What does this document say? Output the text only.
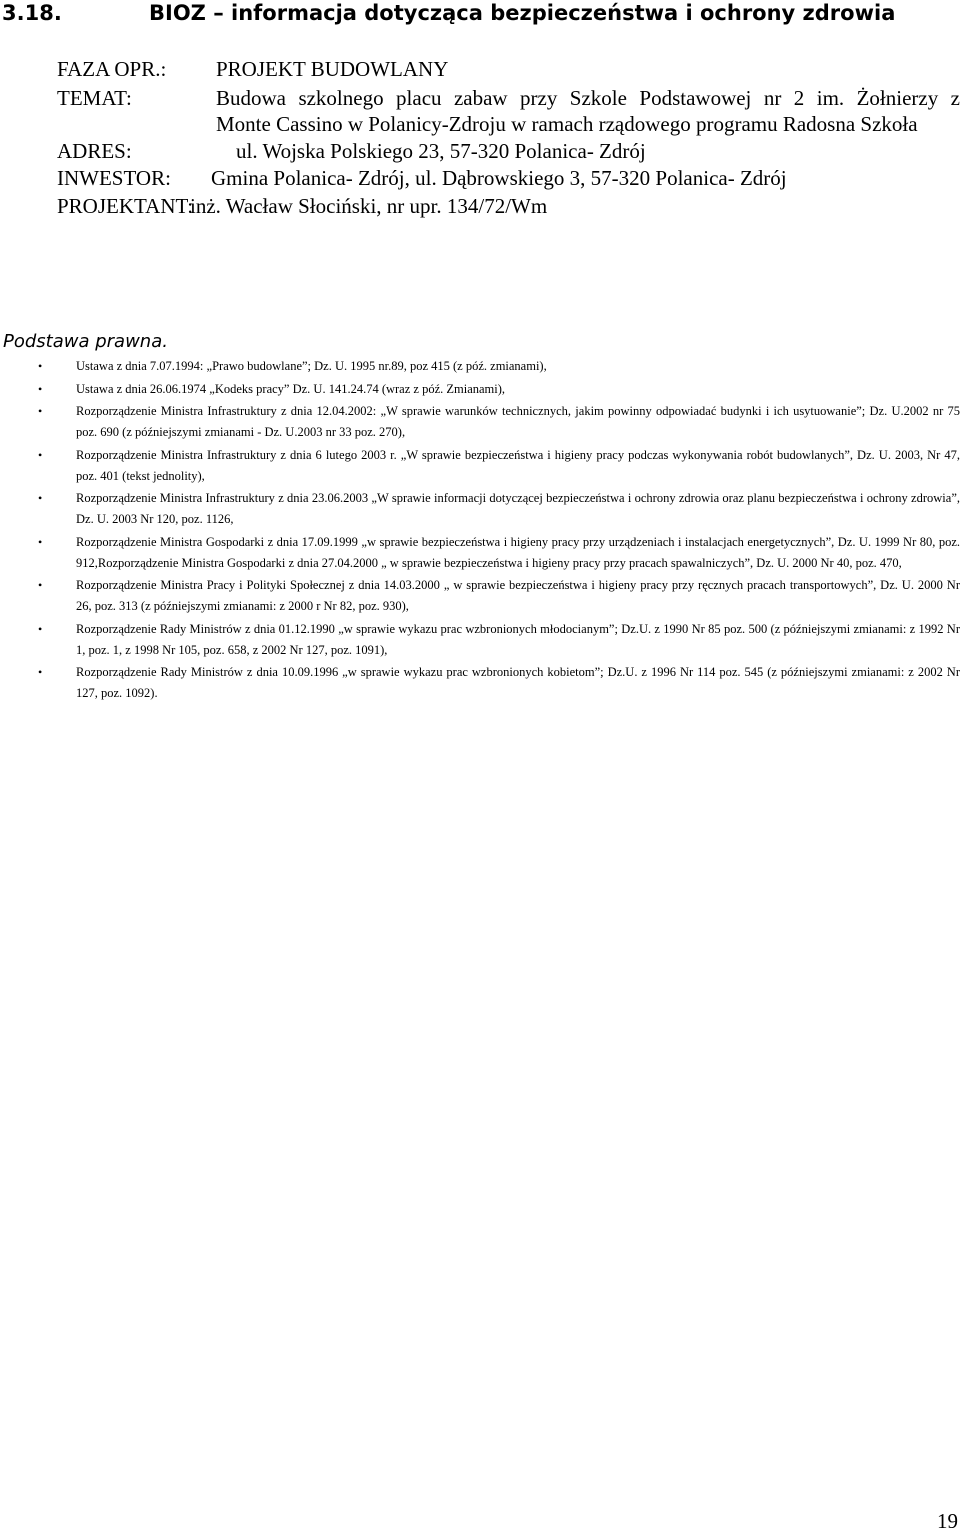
3.18.	BIOZ – informacja dotycząca bezpieczeństwa i ochrony zdrowia
FAZA OPR.: PROJEKT BUDOWLANY
TEMAT:	Budowa szkolnego placu zabaw przy Szkole Podstawowej nr 2 im. Żołnierzy z
Monte Cassino w Polanicy-Zdroju w ramach rządowego programu Radosna Szkoła
ADRES:	ul. Wojska Polskiego 23, 57-320 Polanica- Zdrój
INWESTOR: Gmina Polanica- Zdrój, ul. Dąbrowskiego 3, 57-320 Polanica- Zdrój
PROJEKTANT:
inż. Wacław Słociński, nr upr. 134/72/Wm
Podstawa prawna.
•	Ustawa z dnia 7.07.1994: „Prawo budowlane”; Dz. U. 1995 nr.89, poz 415 (z póź. zmianami),
•	Ustawa z dnia 26.06.1974 „Kodeks pracy” Dz. U. 141.24.74 (wraz z póź. Zmianami),
•	Rozporządzenie Ministra Infrastruktury z dnia 12.04.2002: „W sprawie warunków technicznych, jakim powinny odpowiadać budynki i ich usytuowanie”; Dz. U.2002 nr 75 poz. 690 (z późniejszymi zmianami - Dz. U.2003 nr 33 poz. 270),
•	Rozporządzenie Ministra Infrastruktury z dnia 6 lutego 2003 r. „W sprawie bezpieczeństwa i higieny pracy podczas wykonywania robót budowlanych”, Dz. U. 2003, Nr 47, poz. 401 (tekst jednolity),
•	Rozporządzenie Ministra Infrastruktury z dnia 23.06.2003 „W sprawie informacji dotyczącej bezpieczeństwa i ochrony zdrowia oraz planu bezpieczeństwa i ochrony zdrowia”, Dz. U. 2003 Nr 120, poz. 1126,
•	Rozporządzenie Ministra Gospodarki z dnia 17.09.1999 „w sprawie bezpieczeństwa i higieny pracy przy urządzeniach i instalacjach energetycznych”, Dz. U. 1999 Nr 80, poz. 912,Rozporządzenie Ministra Gospodarki z dnia 27.04.2000 „ w sprawie bezpieczeństwa i higieny pracy przy pracach spawalniczych”, Dz. U. 2000 Nr 40, poz. 470,
•	Rozporządzenie Ministra Pracy i Polityki Społecznej z dnia 14.03.2000 „ w sprawie bezpieczeństwa i higieny pracy przy ręcznych pracach transportowych”, Dz. U. 2000 Nr 26, poz. 313 (z późniejszymi zmianami: z 2000 r Nr 82, poz. 930),
•	Rozporządzenie Rady Ministrów z dnia 01.12.1990 „w sprawie wykazu prac wzbronionych młodocianym”; Dz.U. z 1990 Nr 85 poz. 500 (z późniejszymi zmianami: z 1992 Nr 1, poz. 1, z 1998 Nr 105, poz. 658, z 2002 Nr 127, poz. 1091),
•	Rozporządzenie Rady Ministrów z dnia 10.09.1996 „w sprawie wykazu prac wzbronionych kobietom”; Dz.U. z 1996 Nr 114 poz. 545 (z późniejszymi zmianami: z 2002 Nr 127, poz. 1092).
19
